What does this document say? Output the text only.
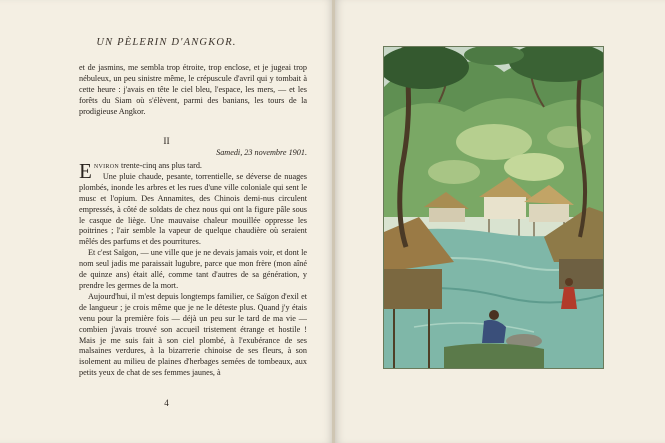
UN PÈLERIN D'ANGKOR.

et de jasmins, me sembla trop étroite, trop enclose, et je jugeai trop nébuleux, un peu sinistre même, le crépuscule d'avril qui y tombait à cette heure : j'avais en tête le ciel bleu, l'espace, les mers, — et les forêts du Siam où s'élèvent, parmi des banians, les tours de la prodigieuse Angkor.

II
Samedi, 23 novembre 1901.

Environ trente-cinq ans plus tard.

Une pluie chaude, pesante, torrentielle, se déverse de nuages plombés, inonde les arbres et les rues d'une ville coloniale qui sent le musc et l'opium. Des Annamites, des Chinois demi-nus circulent empressés, à côté de soldats de chez nous qui ont la figure pâle sous le casque de liège. Une mauvaise chaleur mouillée oppresse les poitrines ; l'air semble la vapeur de quelque chaudière où seraient mêlés des parfums et des pourritures.

Et c'est Saïgon, — une ville que je ne devais jamais voir, et dont le nom seul jadis me paraissait lugubre, parce que mon frère (mon aîné de quinze ans) était allé, comme tant d'autres de sa génération, y prendre les germes de la mort.

Aujourd'hui, il m'est depuis longtemps familier, ce Saïgon d'exil et de langueur ; je crois même que je ne le déteste plus. Quand j'y étais venu pour la première fois — déjà un peu sur le tard de ma vie — combien j'avais trouvé son accueil tristement étrange et hostile ! Mais je me suis fait à son ciel plombé, à l'exubérance de ses malsaines verdures, à la bizarrerie chinoise de ses fleurs, à son isolement au milieu de plaines d'herbages semées de tombeaux, aux petits yeux de chat de ses femmes jaunes, à

4
